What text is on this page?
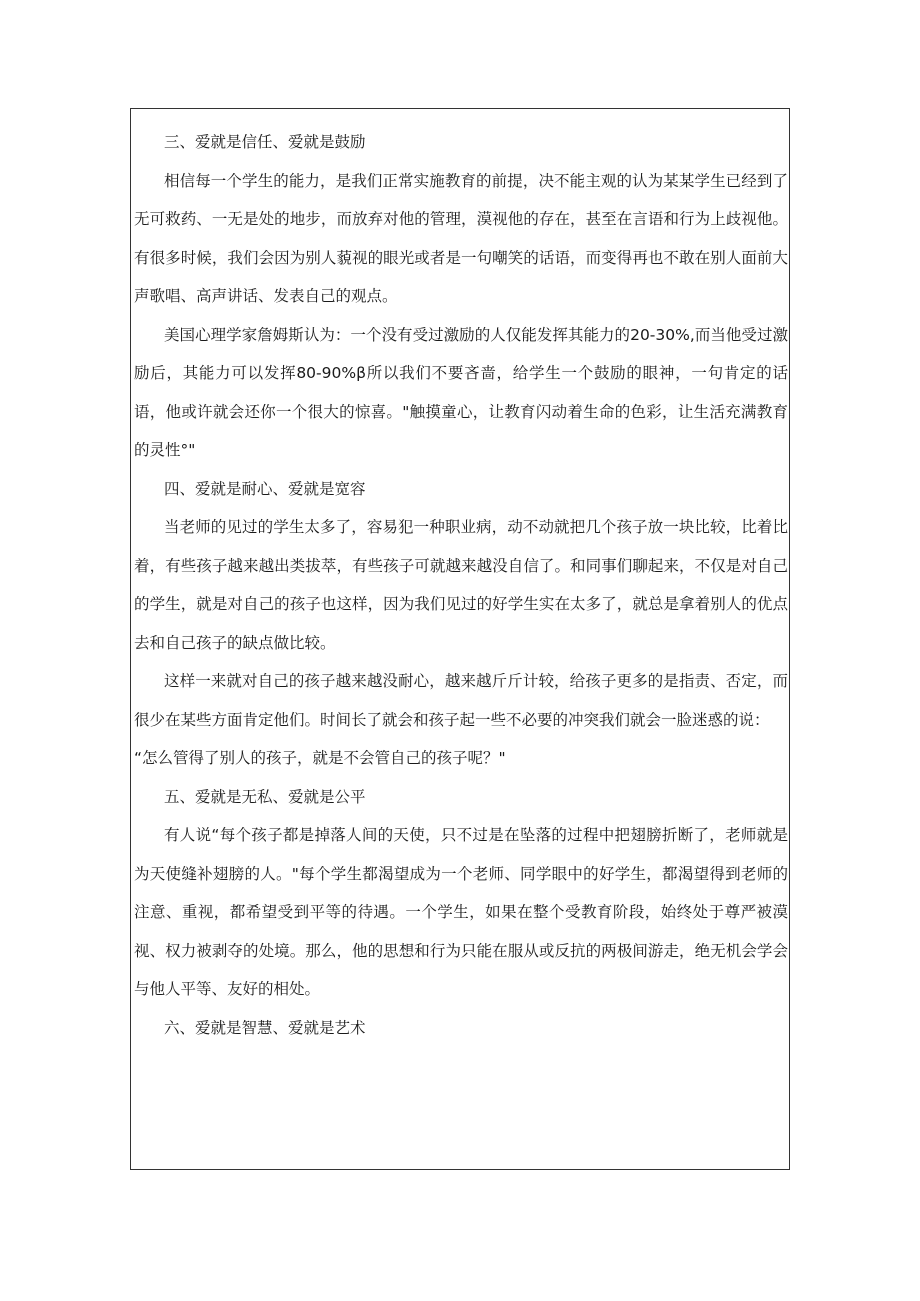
三、爱就是信任、爱就是鼓励

相信每一个学生的能力，是我们正常实施教育的前提，决不能主观的认为某某学生已经到了无可救药、一无是处的地步，而放弃对他的管理，漠视他的存在，甚至在言语和行为上歧视他。有很多时候，我们会因为别人藐视的眼光或者是一句嘲笑的话语，而变得再也不敢在别人面前大声歌唱、高声讲话、发表自己的观点。

美国心理学家詹姆斯认为：一个没有受过激励的人仅能发挥其能力的20-30%,而当他受过激励后，其能力可以发挥80-90%β所以我们不要吝啬，给学生一个鼓励的眼神，一句肯定的话语，他或许就会还你一个很大的惊喜。"触摸童心，让教育闪动着生命的色彩，让生活充满教育的灵性°"

四、爱就是耐心、爱就是宽容

当老师的见过的学生太多了，容易犯一种职业病，动不动就把几个孩子放一块比较，比着比着，有些孩子越来越出类拔萃，有些孩子可就越来越没自信了。和同事们聊起来，不仅是对自己的学生，就是对自己的孩子也这样，因为我们见过的好学生实在太多了，就总是拿着别人的优点去和自己孩子的缺点做比较。

这样一来就对自己的孩子越来越没耐心，越来越斤斤计较，给孩子更多的是指责、否定，而很少在某些方面肯定他们。时间长了就会和孩子起一些不必要的冲突我们就会一脸迷惑的说：

“怎么管得了别人的孩子，就是不会管自己的孩子呢？"

五、爱就是无私、爱就是公平

有人说“每个孩子都是掉落人间的天使，只不过是在坠落的过程中把翅膀折断了，老师就是为天使缝补翅膀的人。"每个学生都渴望成为一个老师、同学眼中的好学生，都渴望得到老师的注意、重视，都希望受到平等的待遇。一个学生，如果在整个受教育阶段，始终处于尊严被漠视、权力被剥夺的处境。那么，他的思想和行为只能在服从或反抗的两极间游走，绝无机会学会与他人平等、友好的相处。

六、爱就是智慧、爱就是艺术
